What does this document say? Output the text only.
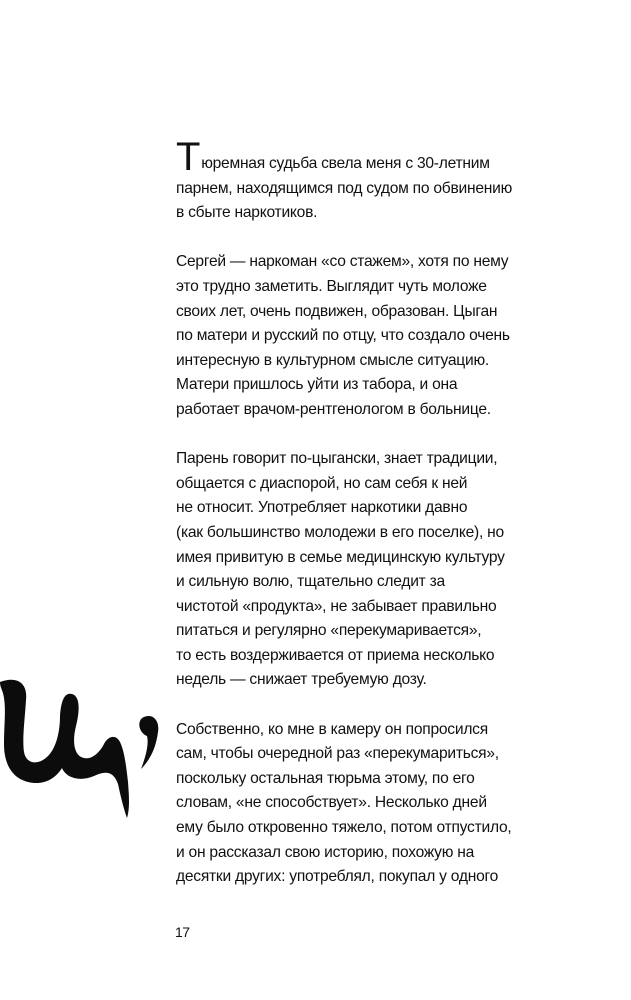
Тюремная судьба свела меня с 30-летним
парнем, находящимся под судом по обвинению
в сбыте наркотиков.

Сергей — наркоман «со стажем», хотя по нему
это трудно заметить. Выглядит чуть моложе
своих лет, очень подвижен, образован. Цыган
по матери и русский по отцу, что создало очень
интересную в культурном смысле ситуацию.
Матери пришлось уйти из табора, и она
работает врачом-рентгенологом в больнице.

Парень говорит по-цыгански, знает традиции,
общается с диаспорой, но сам себя к ней
не относит. Употребляет наркотики давно
(как большинство молодежи в его поселке), но
имея привитую в семье медицинскую культуру
и сильную волю, тщательно следит за
чистотой «продукта», не забывает правильно
питаться и регулярно «перекумаривается»,
то есть воздерживается от приема несколько
недель — снижает требуемую дозу.

Собственно, ко мне в камеру он попросился
сам, чтобы очередной раз «перекумариться»,
поскольку остальная тюрьма этому, по его
словам, «не способствует». Несколько дней
ему было откровенно тяжело, потом отпустило,
и он рассказал свою историю, похожую на
десятки других: употреблял, покупал у одного

17
